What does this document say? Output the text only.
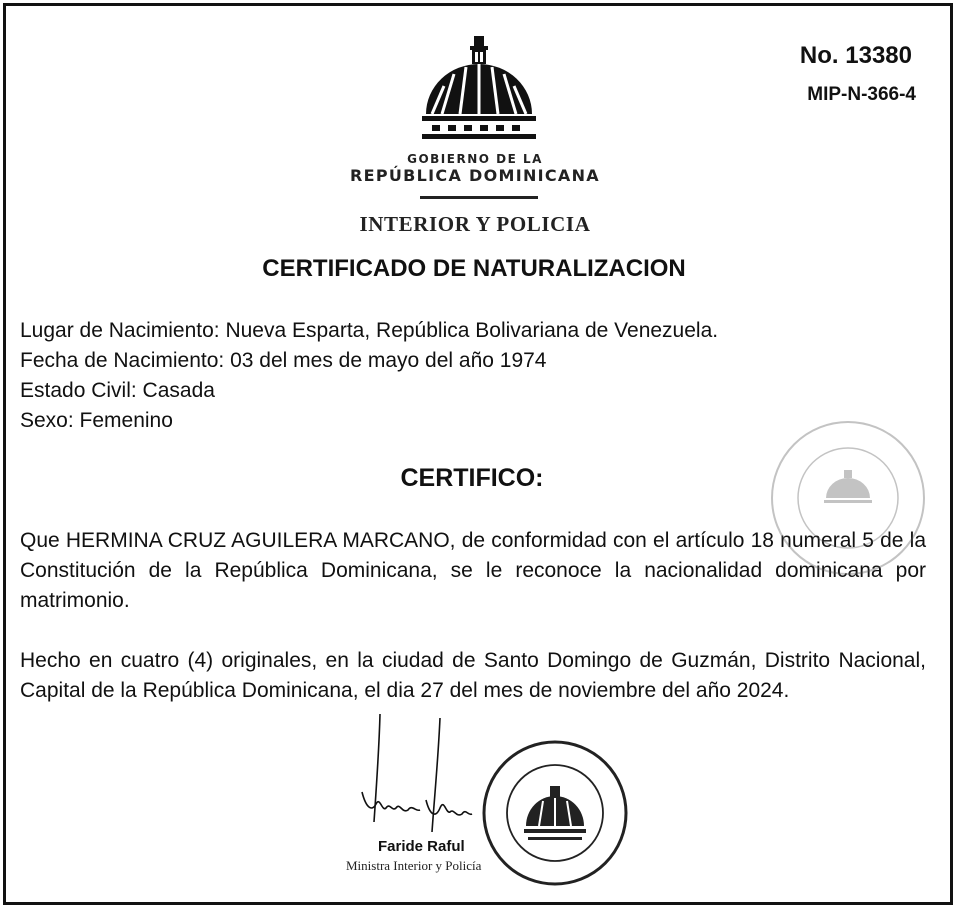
No. 13380
MIP-N-366-4
GOBIERNO DE LA
REPÚBLICA DOMINICANA
INTERIOR Y POLICIA
CERTIFICADO DE NATURALIZACION
Lugar de Nacimiento: Nueva Esparta, República Bolivariana de Venezuela.
Fecha de Nacimiento: 03 del mes de mayo del año 1974
Estado Civil: Casada
Sexo: Femenino
CERTIFICO:
Que HERMINA CRUZ AGUILERA MARCANO, de conformidad con el artículo 18 numeral 5 de la Constitución de la República Dominicana, se le reconoce la nacionalidad dominicana por matrimonio.
Hecho en cuatro (4) originales, en la ciudad de Santo Domingo de Guzmán, Distrito Nacional, Capital de la República Dominicana, el dia 27 del mes de noviembre del año 2024.
Faride Raful
Ministra Interior y Policía
